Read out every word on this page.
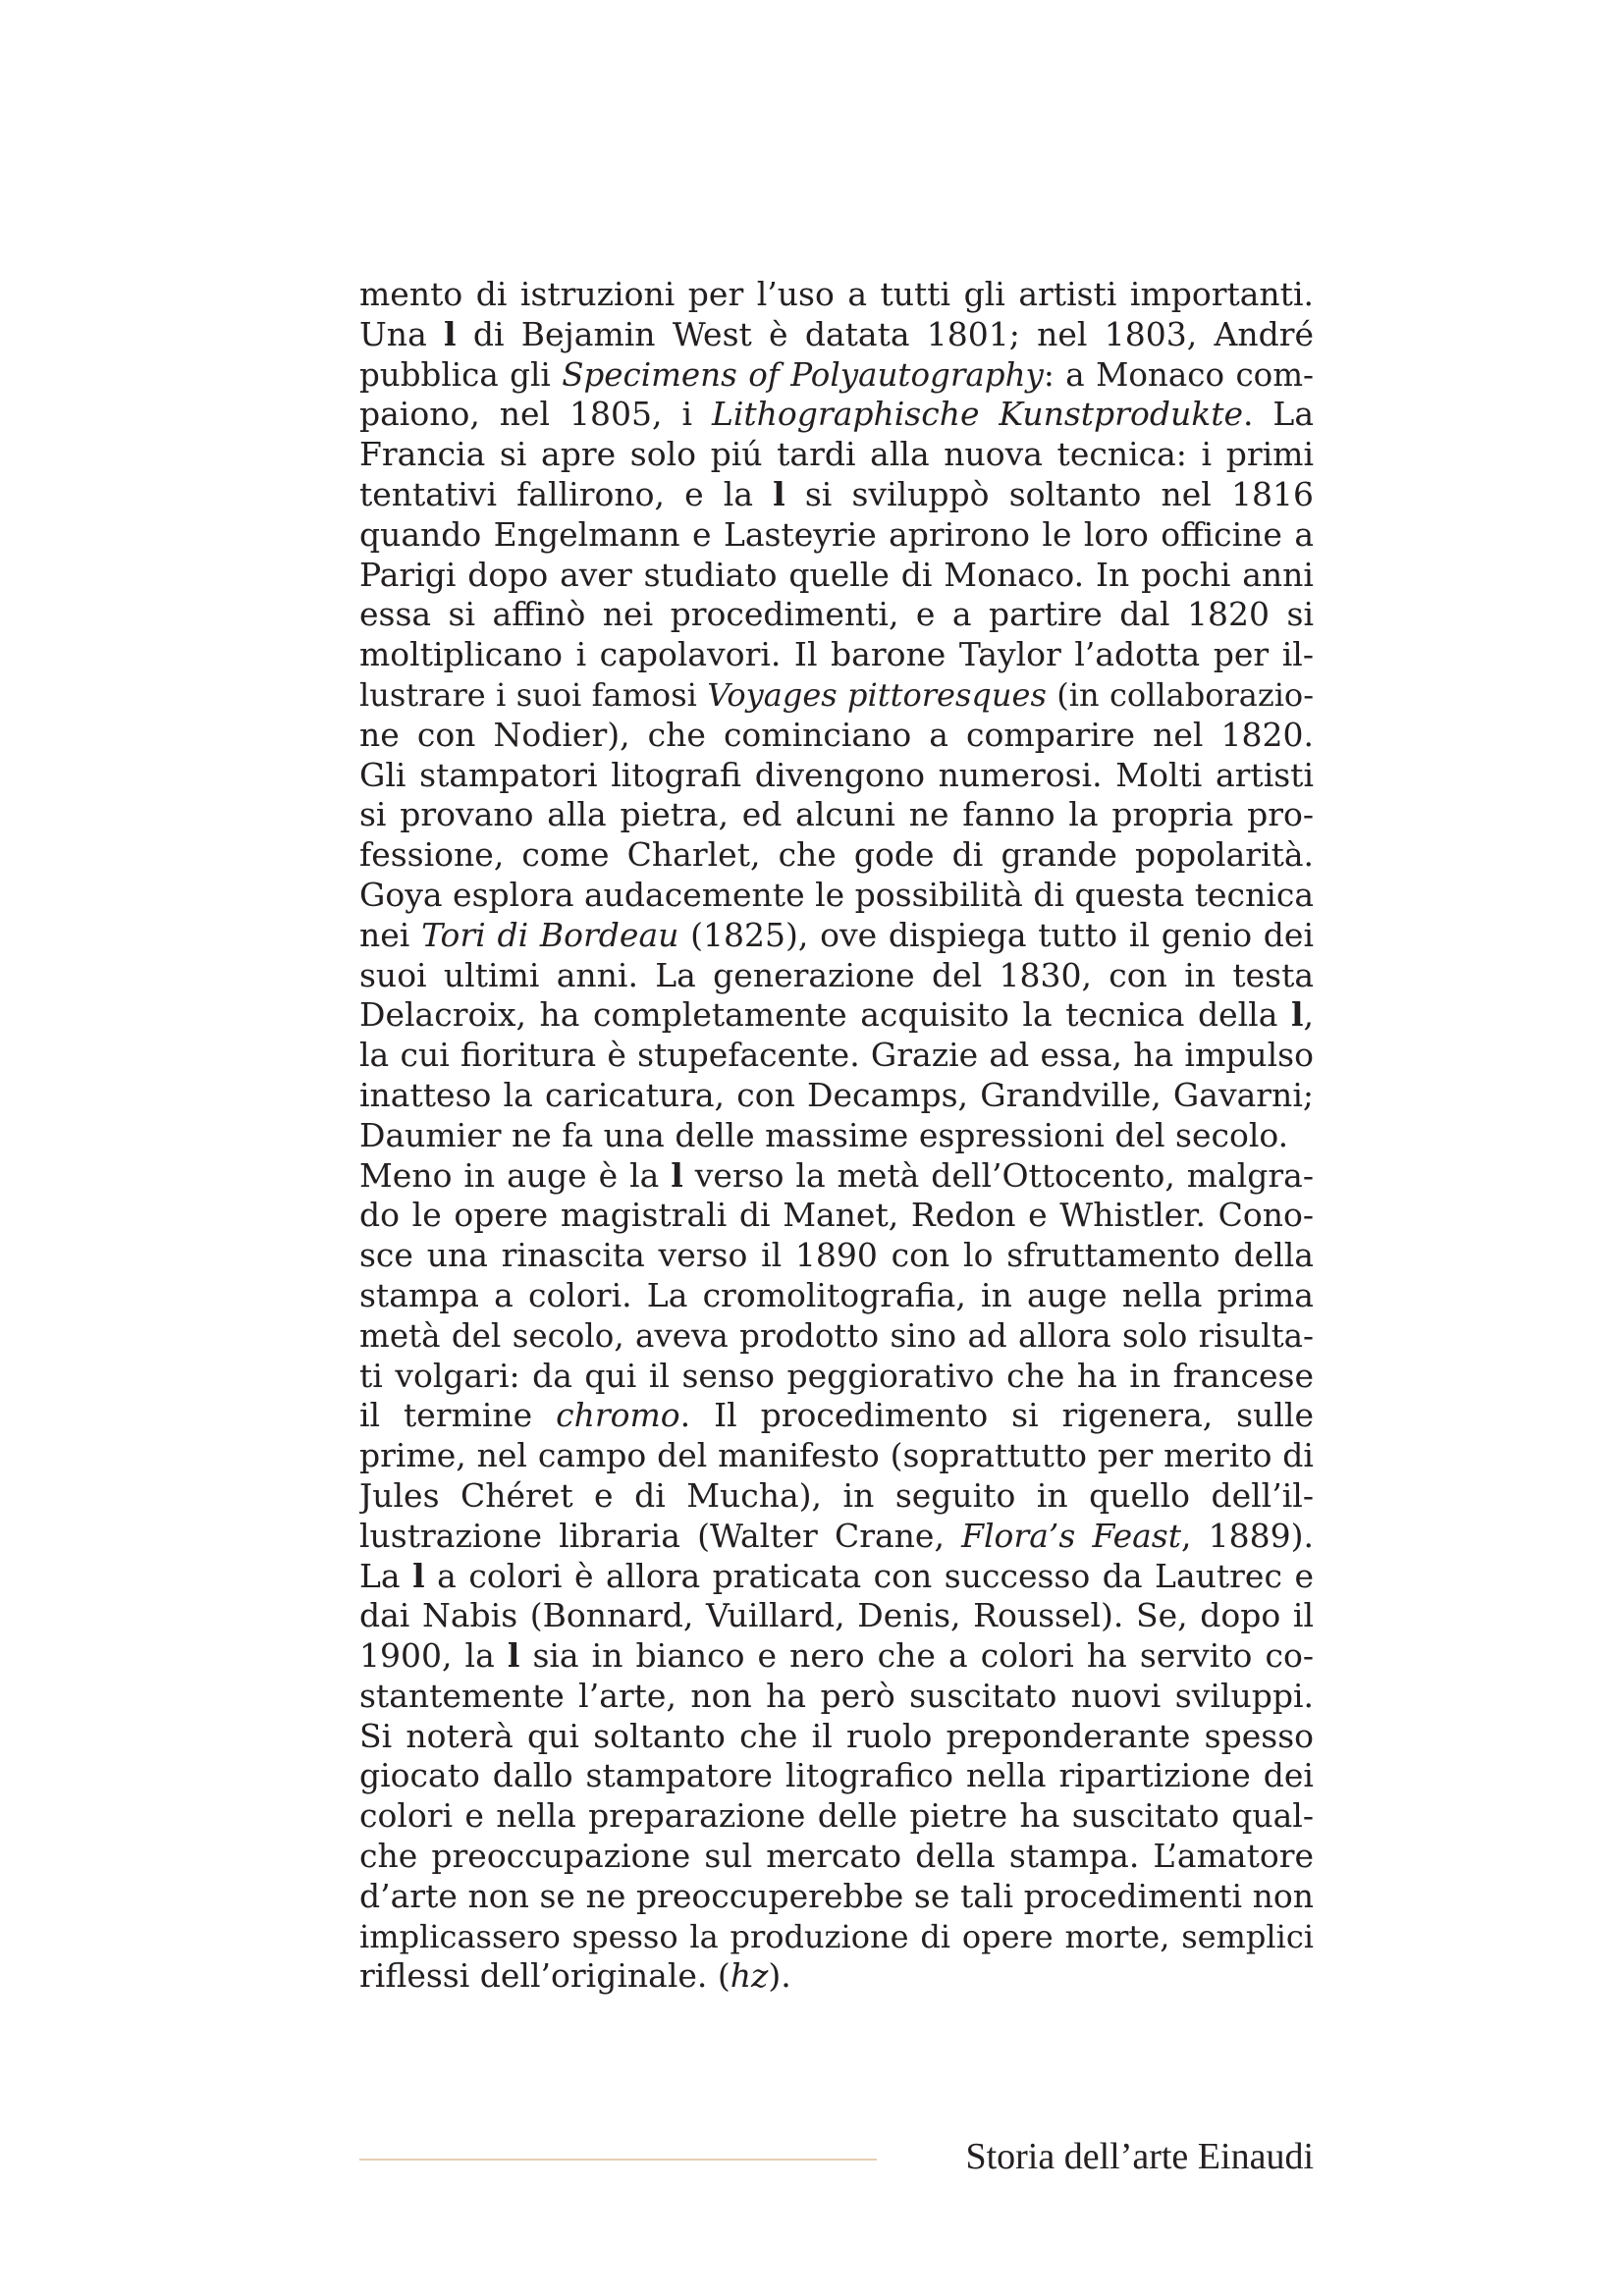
mento di istruzioni per l’uso a tutti gli artisti importanti.
Una l di Bejamin West è datata 1801; nel 1803, André
pubblica gli Specimens of Polyautography: a Monaco com-
paiono, nel 1805, i Lithographische Kunstprodukte. La
Francia si apre solo piú tardi alla nuova tecnica: i primi
tentativi fallirono, e la l si sviluppò soltanto nel 1816
quando Engelmann e Lasteyrie aprirono le loro officine a
Parigi dopo aver studiato quelle di Monaco. In pochi anni
essa si affinò nei procedimenti, e a partire dal 1820 si
moltiplicano i capolavori. Il barone Taylor l’adotta per il-
lustrare i suoi famosi Voyages pittoresques (in collaborazio-
ne con Nodier), che cominciano a comparire nel 1820.
Gli stampatori litografi divengono numerosi. Molti artisti
si provano alla pietra, ed alcuni ne fanno la propria pro-
fessione, come Charlet, che gode di grande popolarità.
Goya esplora audacemente le possibilità di questa tecnica
nei Tori di Bordeau (1825), ove dispiega tutto il genio dei
suoi ultimi anni. La generazione del 1830, con in testa
Delacroix, ha completamente acquisito la tecnica della l,
la cui fioritura è stupefacente. Grazie ad essa, ha impulso
inatteso la caricatura, con Decamps, Grandville, Gavarni;
Daumier ne fa una delle massime espressioni del secolo.
Meno in auge è la l verso la metà dell’Ottocento, malgra-
do le opere magistrali di Manet, Redon e Whistler. Cono-
sce una rinascita verso il 1890 con lo sfruttamento della
stampa a colori. La cromolitografia, in auge nella prima
metà del secolo, aveva prodotto sino ad allora solo risulta-
ti volgari: da qui il senso peggiorativo che ha in francese
il termine chromo. Il procedimento si rigenera, sulle
prime, nel campo del manifesto (soprattutto per merito di
Jules Chéret e di Mucha), in seguito in quello dell’il-
lustrazione libraria (Walter Crane, Flora’s Feast, 1889).
La l a colori è allora praticata con successo da Lautrec e
dai Nabis (Bonnard, Vuillard, Denis, Roussel). Se, dopo il
1900, la l sia in bianco e nero che a colori ha servito co-
stantemente l’arte, non ha però suscitato nuovi sviluppi.
Si noterà qui soltanto che il ruolo preponderante spesso
giocato dallo stampatore litografico nella ripartizione dei
colori e nella preparazione delle pietre ha suscitato qual-
che preoccupazione sul mercato della stampa. L’amatore
d’arte non se ne preoccuperebbe se tali procedimenti non
implicassero spesso la produzione di opere morte, semplici
riflessi dell’originale. (hz).
Storia dell’arte Einaudi
